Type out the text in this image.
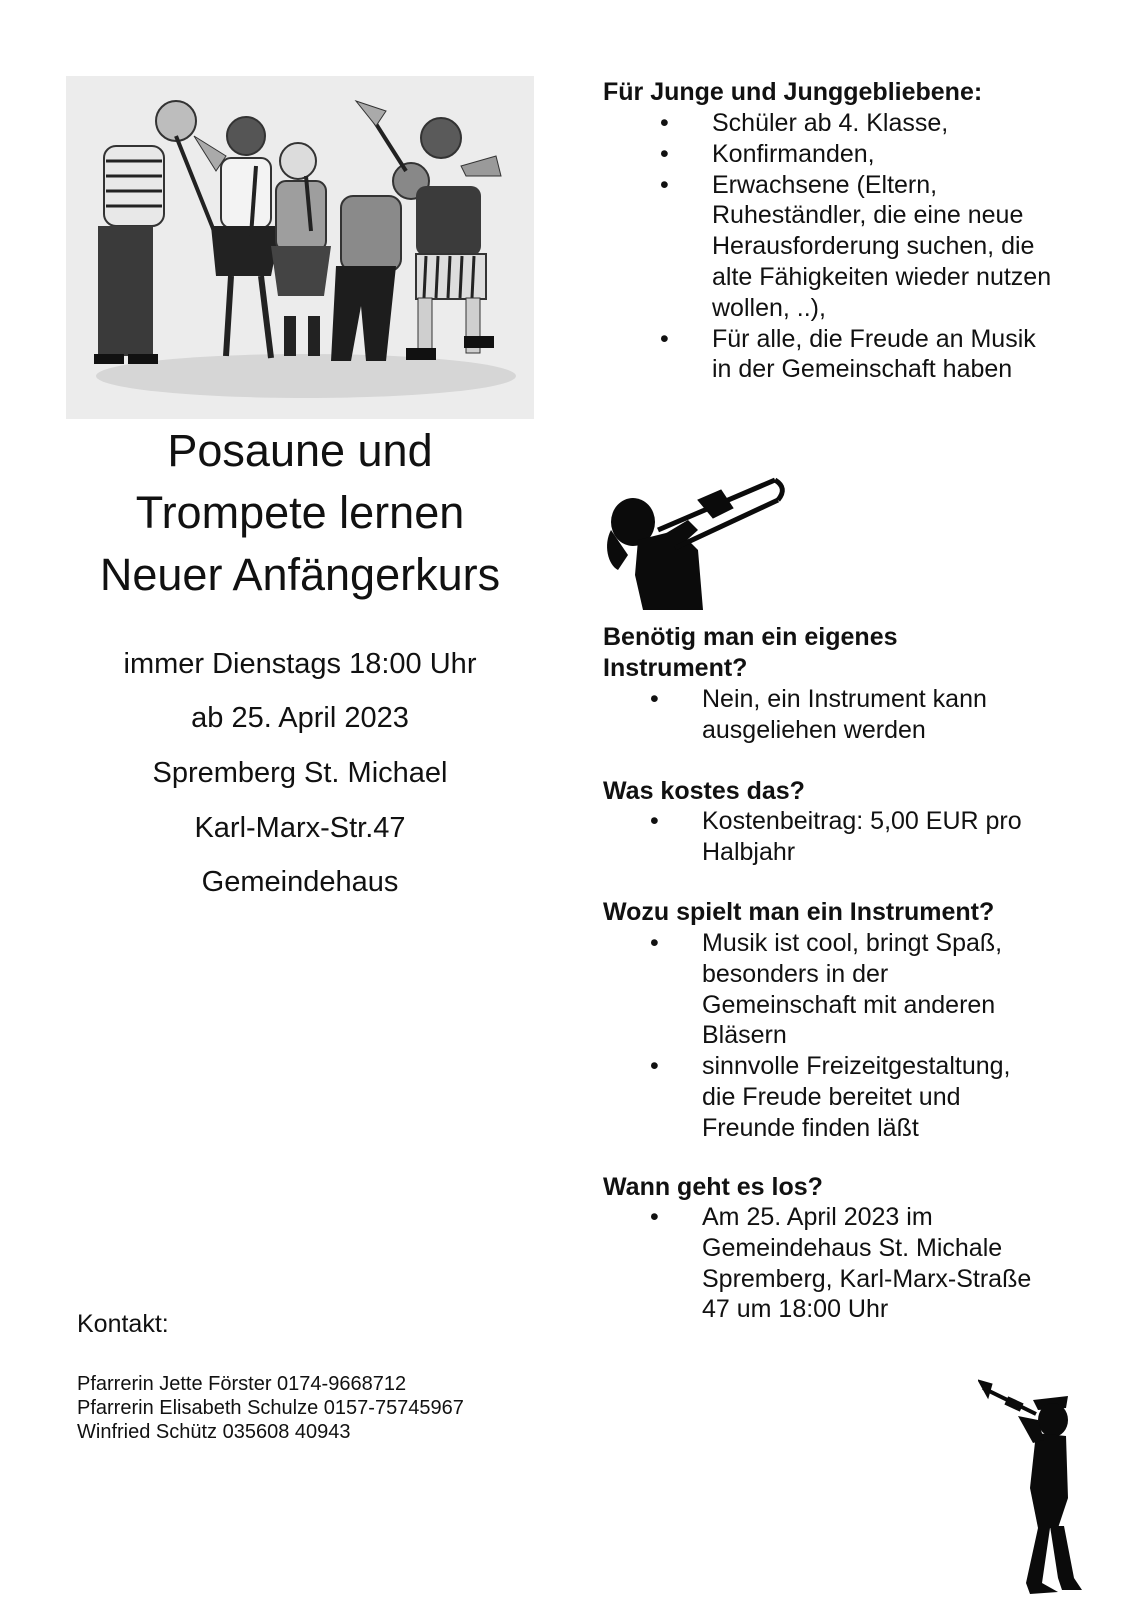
Posaune und
Trompete lernen
Neuer Anfängerkurs
immer Dienstags 18:00 Uhr
ab 25. April 2023
Spremberg St. Michael
Karl-Marx-Str.47
Gemeindehaus
Kontakt:
Pfarrerin Jette Förster 0174-9668712
Pfarrerin Elisabeth Schulze 0157-75745967
Winfried Schütz 035608 40943
Für Junge und Junggebliebene:
• Schüler ab 4. Klasse,
• Konfirmanden,
• Erwachsene (Eltern, Ruheständler, die eine neue Herausforderung suchen, die alte Fähigkeiten wieder nutzen wollen, ..),
• Für alle, die Freude an Musik in der Gemeinschaft haben
Benötig man ein eigenes
Instrument?
• Nein, ein Instrument kann ausgeliehen werden
Was kostes das?
• Kostenbeitrag: 5,00 EUR pro Halbjahr
Wozu spielt man ein Instrument?
• Musik ist cool, bringt Spaß, besonders in der Gemeinschaft mit anderen Bläsern
• sinnvolle Freizeitgestaltung, die Freude bereitet und Freunde finden läßt
Wann geht es los?
• Am 25. April 2023 im Gemeindehaus St. Michale Spremberg, Karl-Marx-Straße 47 um 18:00 Uhr
